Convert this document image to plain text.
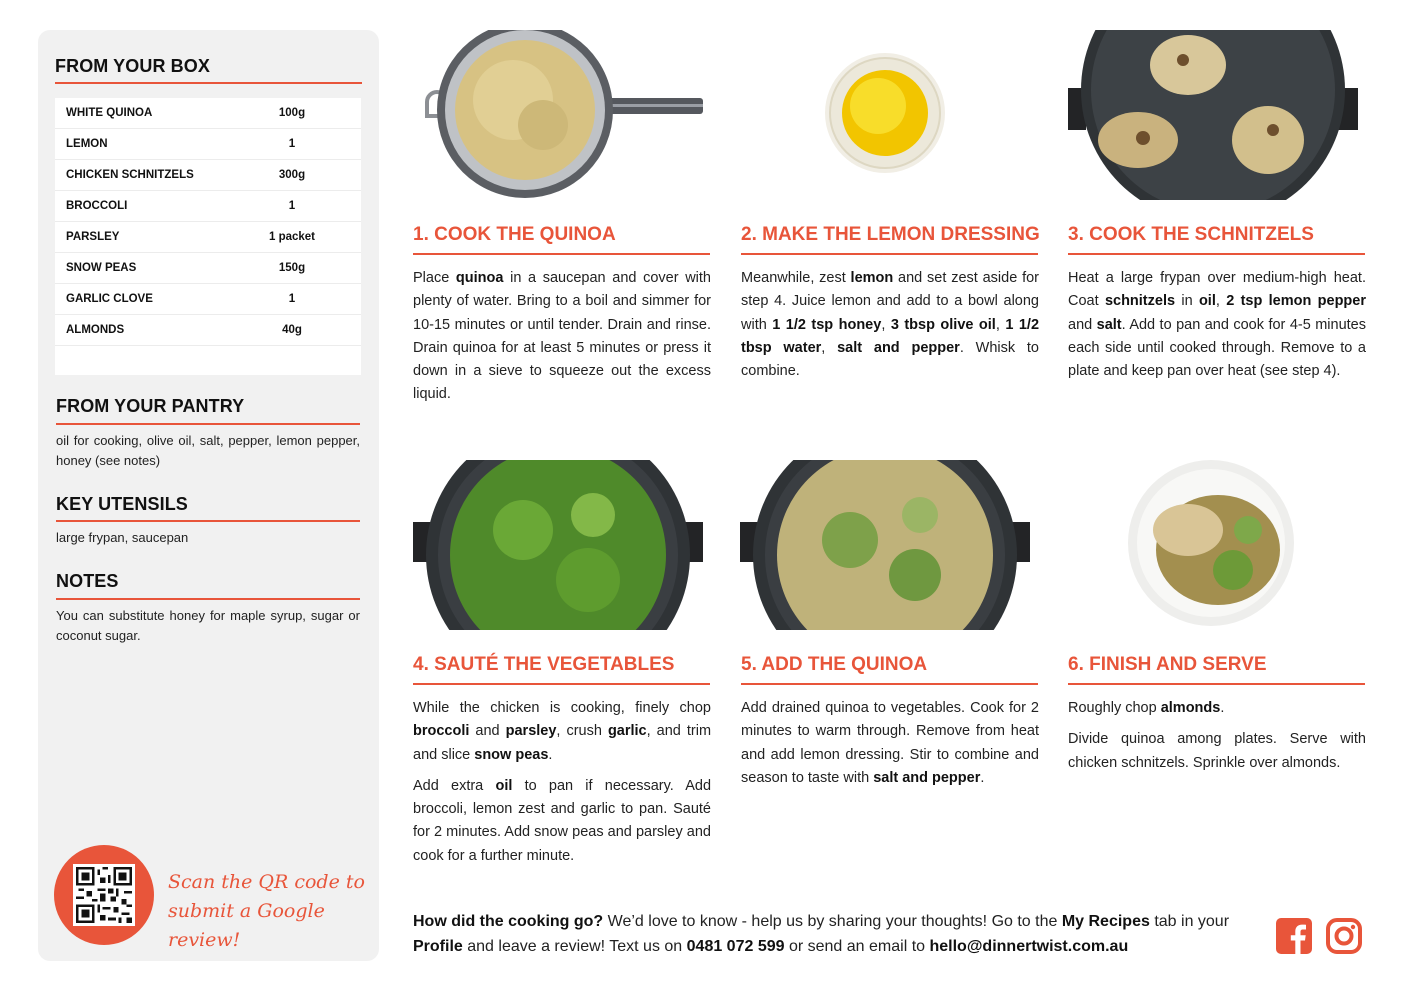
FROM YOUR BOX
WHITE QUINOA	100g
LEMON	1
CHICKEN SCHNITZELS	300g
BROCCOLI	1
PARSLEY	1 packet
SNOW PEAS	150g
GARLIC CLOVE	1
ALMONDS	40g
FROM YOUR PANTRY
oil for cooking, olive oil, salt, pepper, lemon pepper, honey (see notes)
KEY UTENSILS
large frypan, saucepan
NOTES
You can substitute honey for maple syrup, sugar or coconut sugar.
Scan the QR code to
submit a Google review!
1. COOK THE QUINOA

Place quinoa in a saucepan and cover with plenty of water. Bring to a boil and simmer for 10-15 minutes or until tender. Drain and rinse. Drain quinoa for at least 5 minutes or press it down in a sieve to squeeze out the excess liquid.

2. MAKE THE LEMON DRESSING

Meanwhile, zest lemon and set zest aside for step 4. Juice lemon and add to a bowl along with 1 1/2 tsp honey, 3 tbsp olive oil, 1 1/2 tbsp water, salt and pepper. Whisk to combine.

3. COOK THE SCHNITZELS

Heat a large frypan over medium-high heat. Coat schnitzels in oil, 2 tsp lemon pepper and salt. Add to pan and cook for 4-5 minutes each side until cooked through. Remove to a plate and keep pan over heat (see step 4).

4. SAUTÉ THE VEGETABLES

While the chicken is cooking, finely chop broccoli and parsley, crush garlic, and trim and slice snow peas.

Add extra oil to pan if necessary. Add broccoli, lemon zest and garlic to pan. Sauté for 2 minutes. Add snow peas and parsley and cook for a further minute.

5. ADD THE QUINOA

Add drained quinoa to vegetables. Cook for 2 minutes to warm through. Remove from heat and add lemon dressing. Stir to combine and season to taste with salt and pepper.

6. FINISH AND SERVE

Roughly chop almonds.

Divide quinoa among plates. Serve with chicken schnitzels. Sprinkle over almonds.

How did the cooking go? We’d love to know - help us by sharing your thoughts! Go to the My Recipes tab in your Profile and leave a review! Text us on 0481 072 599 or send an email to hello@dinnertwist.com.au
